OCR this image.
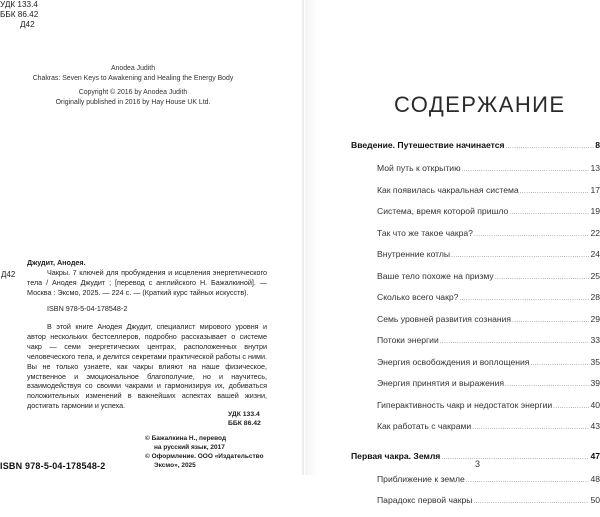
УДК 133.4
ББК 86.42
Д42
Anodea Judith
Chakras: Seven Keys to Awakening and Healing the Energy Body
Copyright © 2016 by Anodea Judith
Originally published in 2016 by Hay House UK Ltd.
Д42
Джудит, Анодея.
Чакры. 7 ключей для пробуждения и исцеления энергетического тела / Анодея Джудит ; [перевод с английского Н. Бажалкиной]. — Москва : Эксмо, 2025. — 224 с. — (Краткий курс тайных искусств).
ISBN 978-5-04-178548-2
В этой книге Анодея Джудит, специалист мирового уровня и автор нескольких бестселлеров, подробно рассказывает о системе чакр — семи энергетических центрах, расположенных внутри человеческого тела, и делится секретами практической работы с ними. Вы не только узнаете, как чакры влияют на наше физическое, умственное и эмоциональное благополучие, но и научитесь, взаимодействуя со своими чакрами и гармонизируя их, добиваться положительных изменений в важнейших аспектах вашей жизни, достигать гармонии и успеха.
УДК 133.4
ББК 86.42
© Бажалкина Н., перевод
на русский язык, 2017
© Оформление. ООО «Издательство
Эксмо», 2025
ISBN 978-5-04-178548-2
СОДЕРЖАНИЕ
Введение. Путешествие начинается .....	8
Мой путь к открытию .....	13
Как появилась чакральная система .....	17
Система, время которой пришло .....	19
Так что же такое чакра? .....	22
Внутренние котлы .....	24
Ваше тело похоже на призму .....	25
Сколько всего чакр? .....	28
Семь уровней развития сознания .....	29
Потоки энергии .....	33
Энергия освобождения и воплощения .....	35
Энергия принятия и выражения .....	39
Гиперактивность чакр и недостаток энергии .....	40
Как работать с чакрами .....	43
Первая чакра. Земля .....	47
Приближение к земле .....	48
Парадокс первой чакры .....	50
3
